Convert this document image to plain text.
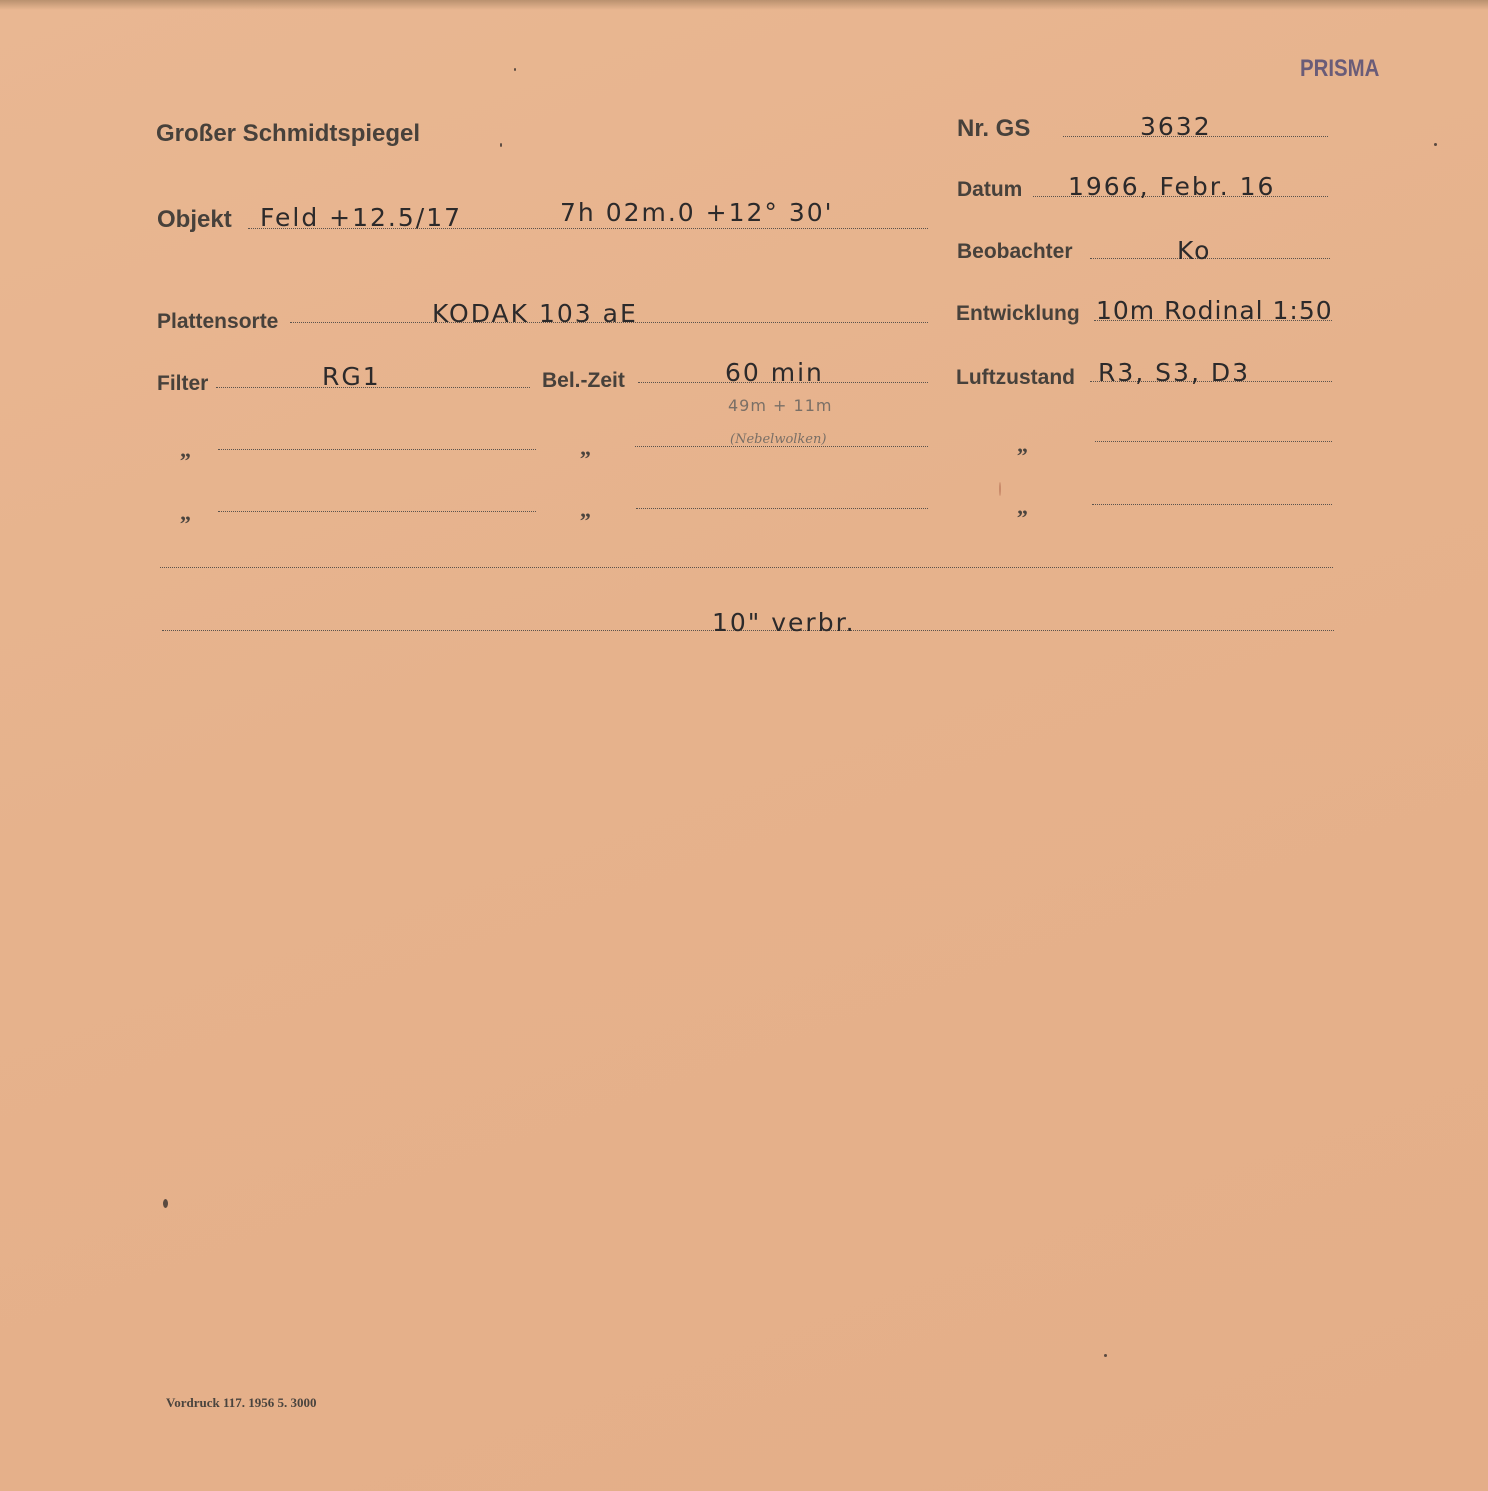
PRISMA
Großer Schmidtspiegel	Nr. GS	3632
Datum 1966, Febr. 16
Objekt Feld +12.5/17	7h 02m.0 +12° 30'
Beobachter	Ko
Plattensorte	KODAK 103 aE	Entwicklung 10m Rodinal 1:50
Filter	RG1	Bel.-Zeit	60 min
49m + 11m
(Nebelwolken)
Luftzustand R3, S3, D3
„	„	„
„	„	„
10" verbr.
Vordruck 117. 1956 5. 3000
